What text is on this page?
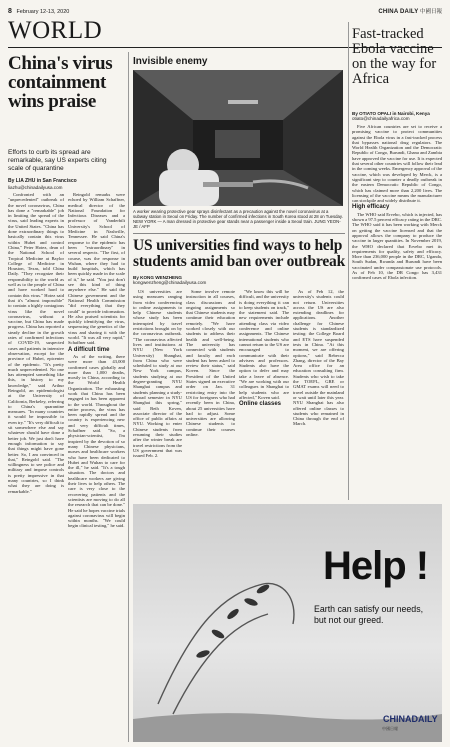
8 February 12-13, 2020	CHINA DAILY 中國日報
WORLD
China's virus containment wins praise
Efforts to curb its spread are remarkable, say US experts citing scale of quarantine
By LIA ZHU in San Francisco
liazhu@chinadailyusa.com

Confronted with an "unprecedented" outbreak of the novel coronavirus, China has done a "remarkable" job in limiting the spread of the virus, said leading experts in the United States. "China has done extraordinary things to basically contain this virus within Hubei and control China," Peter Hotez, dean of the National School of Tropical Medicine at Baylor College of Medicine in Houston, Texas, told China Daily. "They recognize their responsibility to the world as well as to the people of China and have worked hard to contain this virus." Hotez said that it's "almost impossible" to contain a highly contagious virus like the novel coronavirus, without a vaccine, but China has made progress. China has reported a steady decline in the growth rates of confirmed infections of COVID-19, suspected cases and patients in intensive observation, except for the province of Hubei, epicenter of the epidemic. "It's pretty much unprecedented. No one has attempted something like this, in history to my knowledge," said Arthur Reingold, an epidemiologist at the University of California, Berkeley, referring to China's quarantine measures. "In many countries it would be impossible to even try." "It's very difficult to sit somewhere else and say whatever should have done a better job. We just don't have enough information to say that things might have gone better. So, I am convinced in that," Reingold said. "The willingness to see police and military and impose controls is pretty impressive in that many countries, so I think what they are doing is remarkable."

Reingold remarks were echoed by William Schaffner, medical director of the National Foundation for Infectious Diseases and a professor of Vanderbilt University's School of Medicine in Nashville, Tennessee. He said China's response to the epidemic has been "extraordinary" in several respects. "The first, of course, was the response in Wuhan, where they had to build hospitals, which has been quickly made in the scale of it," he said. "You just don't see this kind of thing anywhere else." He said the Chinese government and the National Health Commission "did everything that they could" to provide information. He also praised scientists for quickly identifying the virus, sequencing the genetics of the virus and sharing it with the world. "It was all very rapid," Schaffner said.

A difficult time

As of the writing, there were more than 43,000 confirmed cases globally and more than 1,000 deaths, mostly in China, according to the World Health Organization. The exhausting work that China has been engaged in has been apparent to the world. Throughout the entire process, the virus has been rapidly spread and the country is experiencing new and very difficult times, Schaffner said. "So, a physician-scientist, I'm inspired by the devotion of so many Chinese physicians, nurses and healthcare workers who have been dedicated to Hubei and Wuhan to care for the ill," he said. "It's a tough situation. The doctors and healthcare workers are giving their lives to help others. The care is very close to the recovering patients and the scientists are moving to do all the research that can be done." He said he hopes vaccine trials against coronavirus will begin within months. "We could begin clinical testing," he said.

Invisible enemy
A worker wearing protective gear sprays disinfectant as a precaution against the novel coronavirus at a subway station in Seoul on Friday. The number of confirmed infections in South Korea stood at 28 on Tuesday. NEW YORK — A man dressed in protective gear stands near a passenger inside a Seoul train. JUNG YEON-JE / AFP
US universities find ways to help students amid ban over outbreak
By KONG WENZHENG
kongwenzheng@chinadailyusa.com

US universities are using measures ranging from video conferencing to online assignments to help Chinese students whose study has been interrupted by travel restrictions brought on by the coronavirus outbreak. "The coronavirus affected lives and institutions at NYU (New York University) Shanghai, from China who were scheduled to study at our New York campus, students studying at our degree-granting NYU Shanghai campus and students planning a study-abroad semester in NYU Shanghai this spring," said Beth Koven, associate director of the office of public affairs at NYU. Working to enter Chinese students from resuming their studies after the winter break are travel restrictions from the US government that was issued Feb. 2.

Some involve remote instruction in all courses, class discussions and ongoing assignments so that Chinese students may continue their education remotely. "We have worked closely with our students to address their health and well-being. The university has connected with students and faculty and each student has been asked to review their status," said Koven. Since the President of the United States signed an executive order on Jan. 31 restricting entry into the US for foreigners who had recently been in China, about 25 universities have had to adjust. Some universities are allowing Chinese students to continue their courses online.

"We know this will be difficult, and the university is doing everything it can to keep students on track," the statement said. The new requirements include attending class via video conference and online assignments. The Chinese international students who cannot return to the US are encouraged to communicate with their advisers and professors. Students also have the option to defer and may take a leave of absence. "We are working with our colleagues in Shanghai to help students who are affected," Koven said.

Online classes

As of Feb 12, the university's students could not return. Universities across the US are also extending deadlines for applications. Another challenge for Chinese students is standardized testing: the College Board and ETS have suspended tests in China. "At this moment, we are offering options," said Rebecca Zhang, director of the Bay Area office for an education consulting firm. Students who wish to take the TOEFL, GRE or GMAT exams will need to travel outside the mainland or wait until later this year. NYU Shanghai has also offered online classes to students who remained in China through the end of March.

Fast-tracked Ebola vaccine on the way for Africa
By OTIATO OPALI in Nairobi, Kenya
otiato@chinadailyafrica.com

Five African countries are set to receive a promising vaccine to protect communities against the Ebola virus in a fast-tracked process that bypasses national drug regulators. The World Health Organization and the Democratic Republic of Congo, Burundi, Ghana and Zambia have approved the vaccine for use. It is expected that several other countries will follow their lead in the coming weeks. Emergency approval of the vaccine, which was developed by Merck, is a significant step to counter a deadly outbreak in the eastern Democratic Republic of Congo, which has claimed more than 2,200 lives. The licensing of the vaccine means the manufacturer can stockpile and widely distribute it.

High efficacy

The WHO said Ervebo, which is injected, has shown a 97.5 percent efficacy rating in the DRC. The WHO said it has been working with Merck on getting the vaccine licensed and that the approval allows the company to produce the vaccine in larger quantities. In November 2019, the WHO declared that Ervebo met its requirements for quality, safety and efficacy. More than 236,000 people in the DRC, Uganda, South Sudan, Rwanda and Burundi have been vaccinated under compassionate use protocols. As of Feb 10, the DR Congo has 3,431 confirmed cases of Ebola infection.

Help !
Earth can satisfy our needs, but not our greed.
CHINADAILY
中國日報
